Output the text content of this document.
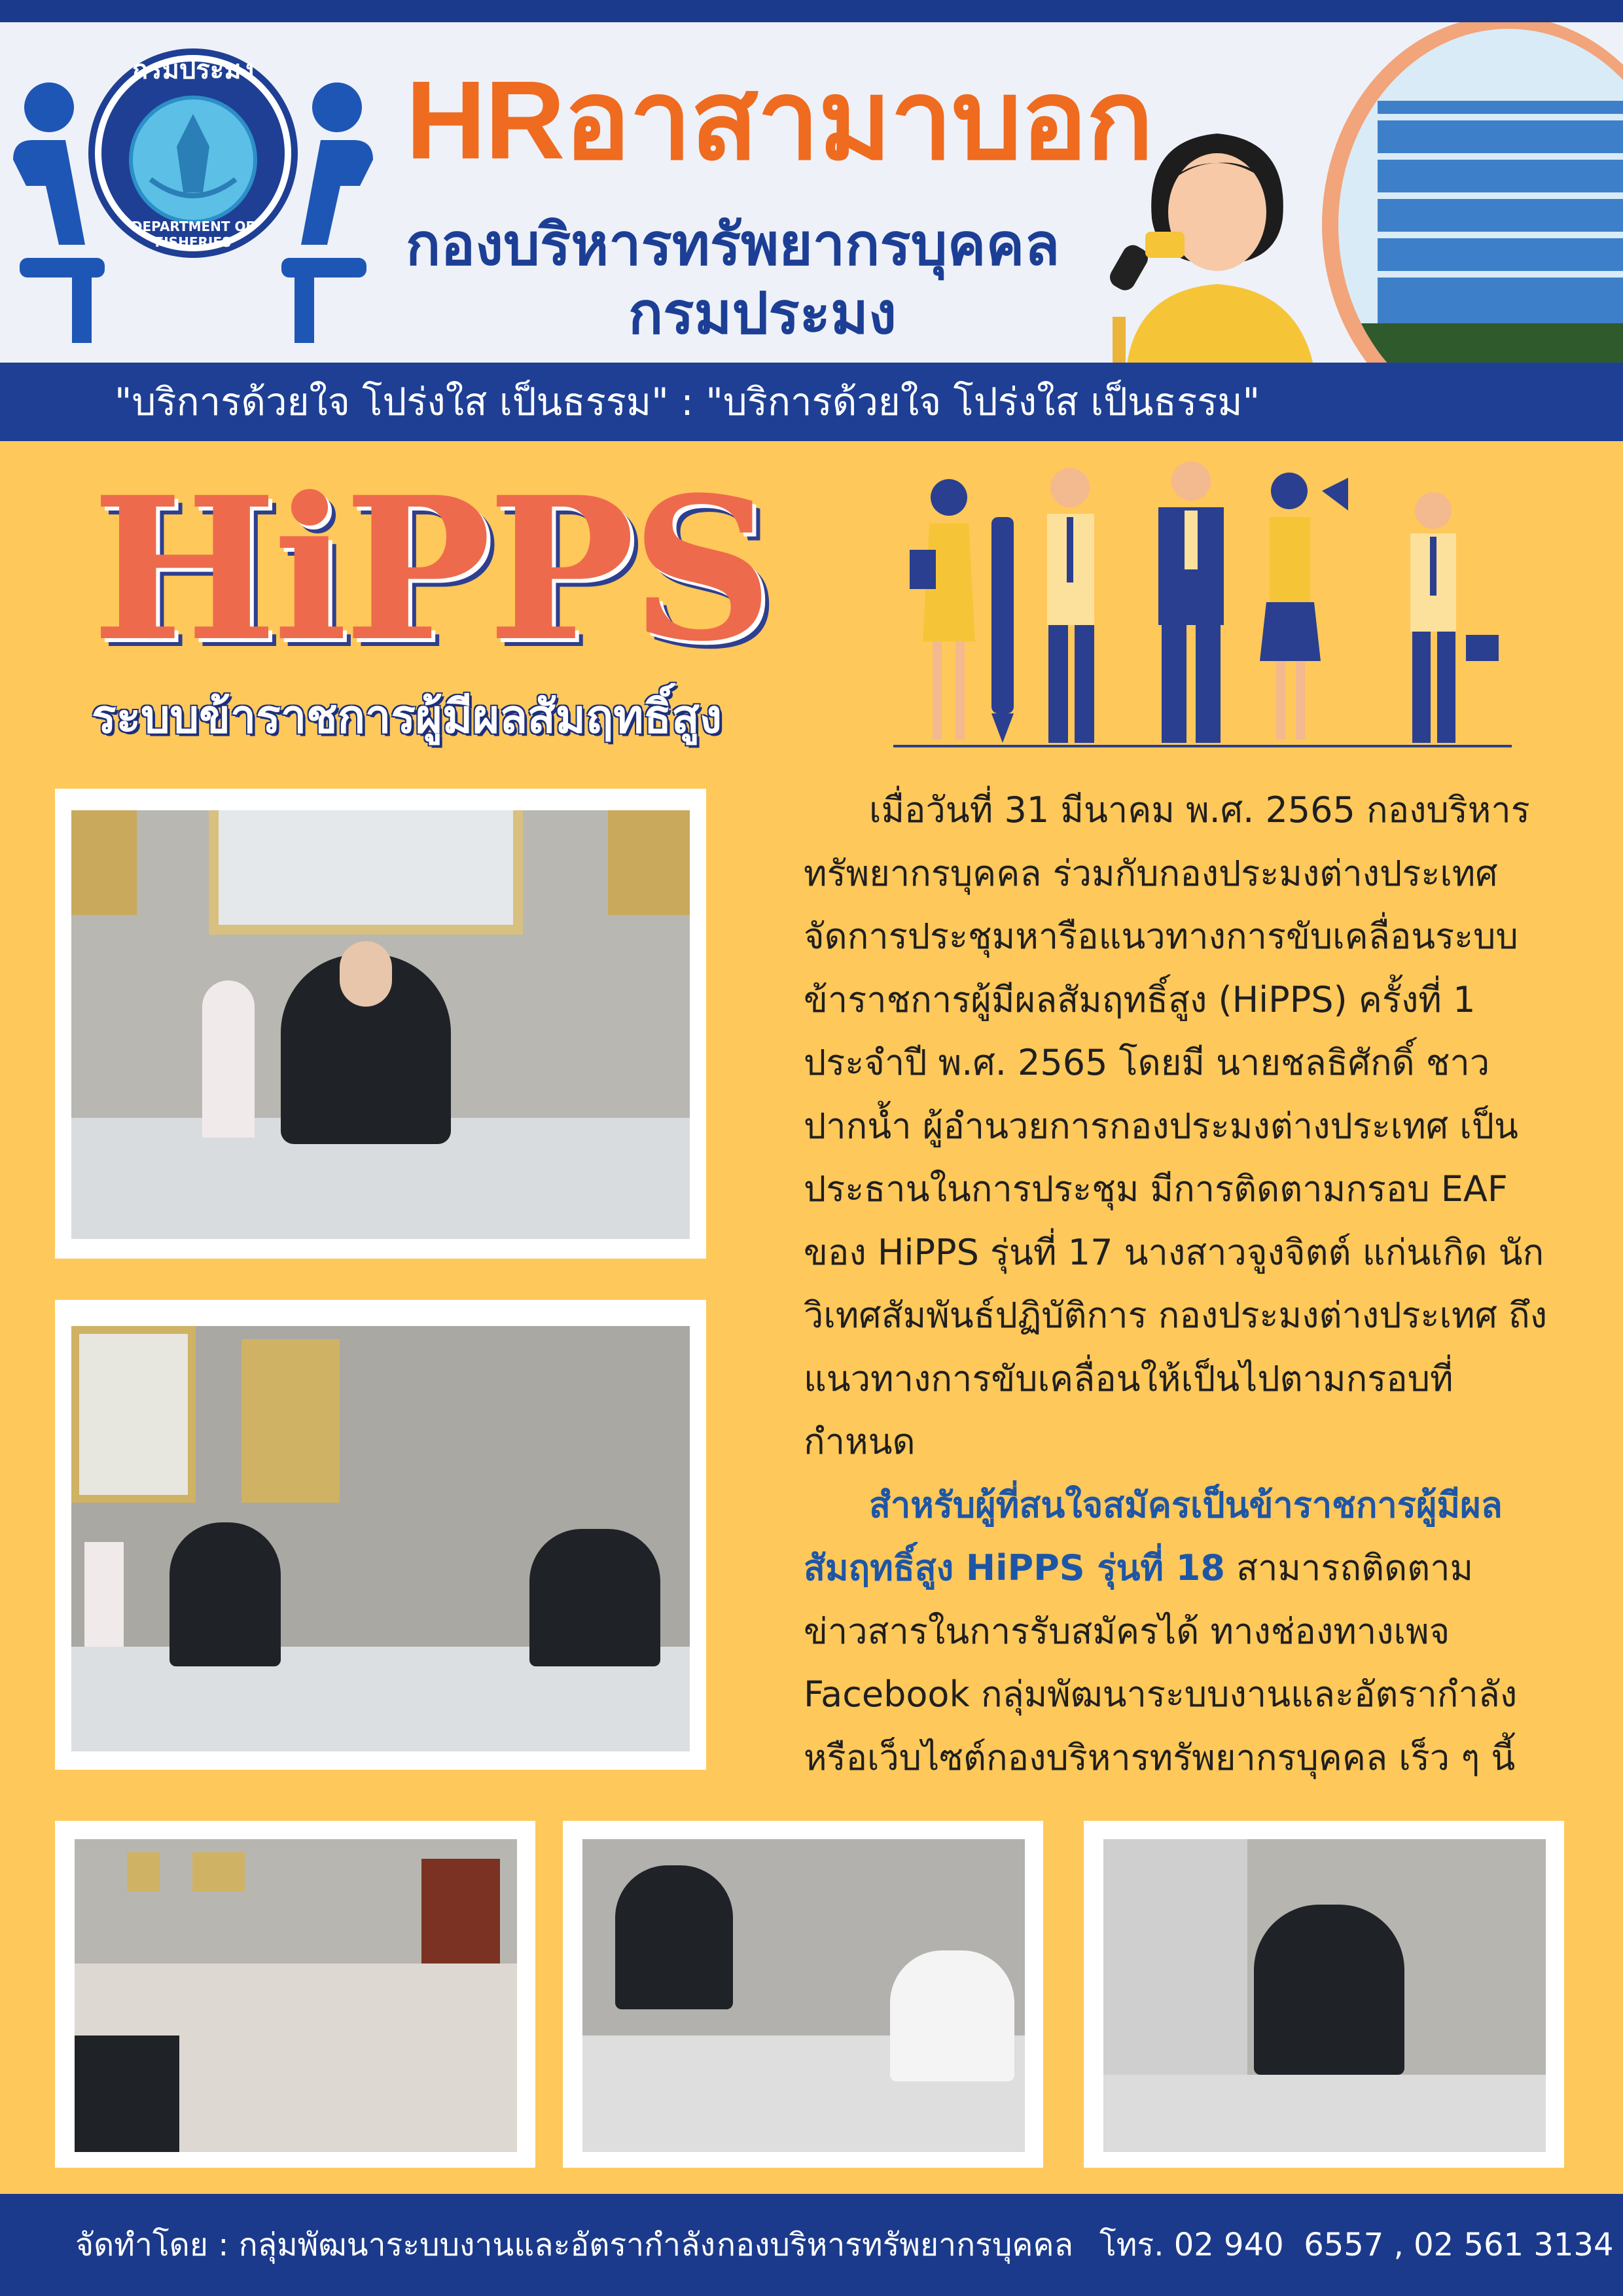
กรมประมง
DEPARTMENT OF FISHERIES
HRอาสามาบอก
กองบริหารทรัพยากรบุคคล
กรมประมง
"บริการด้วยใจ โปร่งใส เป็นธรรม" : "บริการด้วยใจ โปร่งใส เป็นธรรม"
HiPPS
ระบบข้าราชการผู้มีผลสัมฤทธิ์สูง

เมื่อวันที่ 31 มีนาคม พ.ศ. 2565 กองบริหารทรัพยากรบุคคล ร่วมกับกองประมงต่างประเทศ จัดการประชุมหารือแนวทางการขับเคลื่อนระบบข้าราชการผู้มีผลสัมฤทธิ์สูง (HiPPS) ครั้งที่ 1 ประจำปี พ.ศ. 2565 โดยมี นายชลธิศักดิ์ ชาวปากน้ำ ผู้อำนวยการกองประมงต่างประเทศ เป็นประธานในการประชุม มีการติดตามกรอบ EAF ของ HiPPS รุ่นที่ 17 นางสาวจูงจิตต์ แก่นเกิด นักวิเทศสัมพันธ์ปฏิบัติการ กองประมงต่างประเทศ ถึงแนวทางการขับเคลื่อนให้เป็นไปตามกรอบที่กำหนด

สำหรับผู้ที่สนใจสมัครเป็นข้าราชการผู้มีผลสัมฤทธิ์สูง HiPPS รุ่นที่ 18 สามารถติดตามข่าวสารในการรับสมัครได้ ทางช่องทางเพจ Facebook กลุ่มพัฒนาระบบงานและอัตรากำลัง หรือเว็บไซต์กองบริหารทรัพยากรบุคคล เร็ว ๆ นี้

จัดทำโดย : กลุ่มพัฒนาระบบงานและอัตรากำลัง กองบริหารทรัพยากรบุคคล โทร. 02 940  6557 , 02 561 3134
